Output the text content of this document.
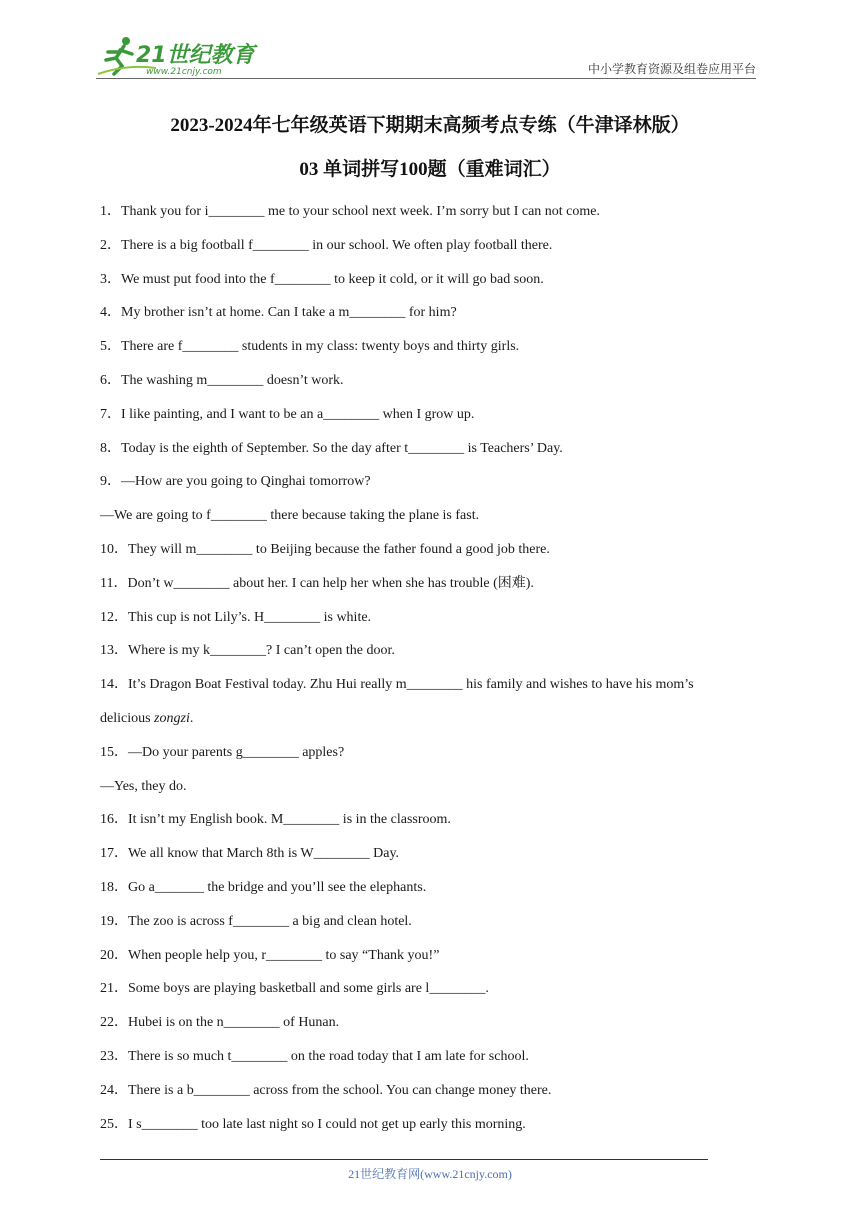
21世纪教育
www.21cnjy.com	中小学教育资源及组卷应用平台
2023-2024年七年级英语下期期末高频考点专练（牛津译林版）
03 单词拼写100题（重难词汇）
1．Thank you for i________ me to your school next week. I’m sorry but I can not come.
2．There is a big football f________ in our school. We often play football there.
3．We must put food into the f________ to keep it cold, or it will go bad soon.
4．My brother isn’t at home. Can I take a m________ for him?
5．There are f________ students in my class: twenty boys and thirty girls.
6．The washing m________ doesn’t work.
7．I like painting, and I want to be an a________ when I grow up.
8．Today is the eighth of September. So the day after t________ is Teachers’ Day.
9．—How are you going to Qinghai tomorrow?
—We are going to f________ there because taking the plane is fast.
10．They will m________ to Beijing because the father found a good job there.
11．Don’t w________ about her. I can help her when she has trouble (困难).
12．This cup is not Lily’s. H________ is white.
13．Where is my k________? I can’t open the door.
14．It’s Dragon Boat Festival today. Zhu Hui really m________ his family and wishes to have his mom’s
delicious zongzi.
15．—Do your parents g________ apples?
—Yes, they do.
16．It isn’t my English book. M________ is in the classroom.
17．We all know that March 8th is W________ Day.
18．Go a_______ the bridge and you’ll see the elephants.
19．The zoo is across f________ a big and clean hotel.
20．When people help you, r________ to say “Thank you!”
21．Some boys are playing basketball and some girls are l________.
22．Hubei is on the n________ of Hunan.
23．There is so much t________ on the road today that I am late for school.
24．There is a b________ across from the school. You can change money there.
25．I s________ too late last night so I could not get up early this morning.
21世纪教育网(www.21cnjy.com)
